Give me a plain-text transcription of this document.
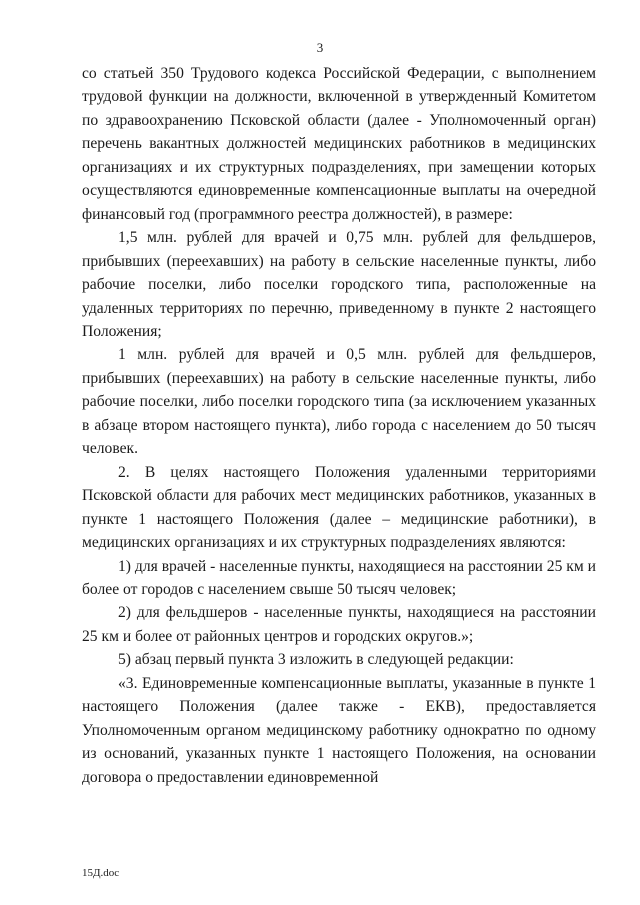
3

со статьей 350 Трудового кодекса Российской Федерации, с выполнением трудовой функции на должности, включенной в утвержденный Комитетом по здравоохранению Псковской области (далее - Уполномоченный орган) перечень вакантных должностей медицинских работников в медицинских организациях и их структурных подразделениях, при замещении которых осуществляются единовременные компенсационные выплаты на очередной финансовый год (программного реестра должностей), в размере:

1,5 млн. рублей для врачей и 0,75 млн. рублей для фельдшеров, прибывших (переехавших) на работу в сельские населенные пункты, либо рабочие поселки, либо поселки городского типа, расположенные на удаленных территориях по перечню, приведенному в пункте 2 настоящего Положения;

1 млн. рублей для врачей и 0,5 млн. рублей для фельдшеров, прибывших (переехавших) на работу в сельские населенные пункты, либо рабочие поселки, либо поселки городского типа (за исключением указанных в абзаце втором настоящего пункта), либо города с населением до 50 тысяч человек.

2. В целях настоящего Положения удаленными территориями Псковской области для рабочих мест медицинских работников, указанных в пункте 1 настоящего Положения (далее – медицинские работники), в медицинских организациях и их структурных подразделениях являются:

1) для врачей - населенные пункты, находящиеся на расстоянии 25 км и более от городов с населением свыше 50 тысяч человек;

2) для фельдшеров - населенные пункты, находящиеся на расстоянии 25 км и более от районных центров и городских округов.»;

5) абзац первый пункта 3 изложить в следующей редакции:

«3. Единовременные компенсационные выплаты, указанные в пункте 1 настоящего Положения (далее также - ЕКВ), предоставляется Уполномоченным органом медицинскому работнику однократно по одному из оснований, указанных пункте 1 настоящего Положения, на основании договора о предоставлении единовременной

15Д.doc
